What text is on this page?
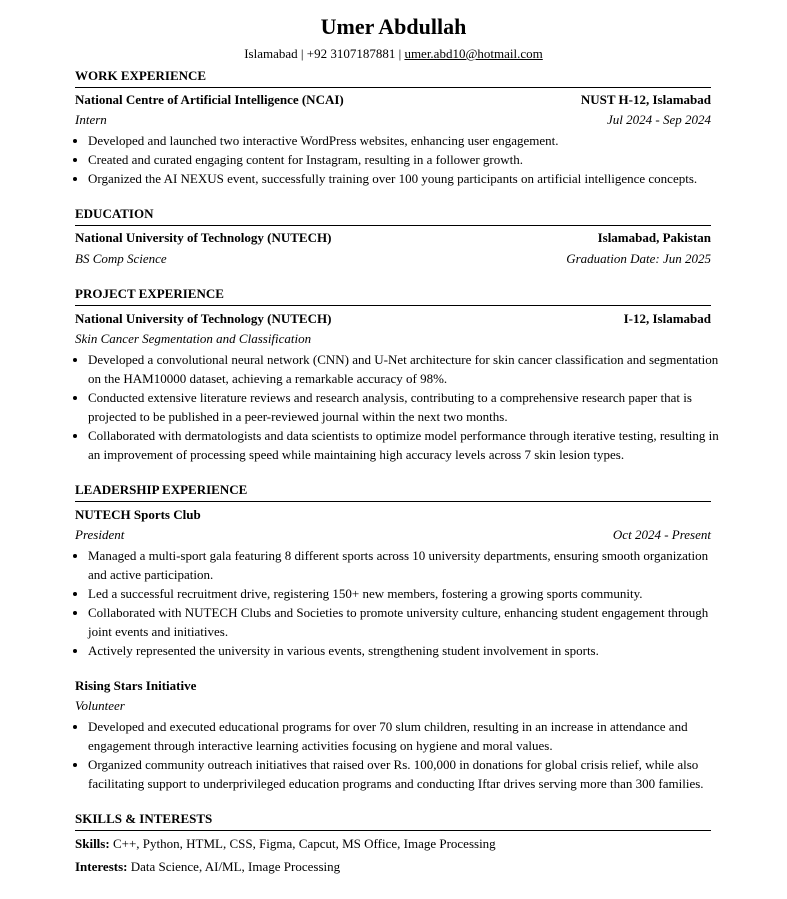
Umer Abdullah
Islamabad | +92 3107187881 | umer.abd10@hotmail.com
WORK EXPERIENCE
National Centre of Artificial Intelligence (NCAI)	NUST H-12, Islamabad
Intern	Jul 2024 - Sep 2024
• Developed and launched two interactive WordPress websites, enhancing user engagement.
• Created and curated engaging content for Instagram, resulting in a follower growth.
• Organized the AI NEXUS event, successfully training over 100 young participants on artificial intelligence concepts.
EDUCATION
National University of Technology (NUTECH)	Islamabad, Pakistan
BS Comp Science	Graduation Date: Jun 2025
PROJECT EXPERIENCE
National University of Technology (NUTECH)	I-12, Islamabad
Skin Cancer Segmentation and Classification
• Developed a convolutional neural network (CNN) and U-Net architecture for skin cancer classification and segmentation on the HAM10000 dataset, achieving a remarkable accuracy of 98%.
• Conducted extensive literature reviews and research analysis, contributing to a comprehensive research paper that is projected to be published in a peer-reviewed journal within the next two months.
• Collaborated with dermatologists and data scientists to optimize model performance through iterative testing, resulting in an improvement of processing speed while maintaining high accuracy levels across 7 skin lesion types.
LEADERSHIP EXPERIENCE
NUTECH Sports Club
President	Oct 2024 - Present
• Managed a multi-sport gala featuring 8 different sports across 10 university departments, ensuring smooth organization and active participation.
• Led a successful recruitment drive, registering 150+ new members, fostering a growing sports community.
• Collaborated with NUTECH Clubs and Societies to promote university culture, enhancing student engagement through joint events and initiatives.
• Actively represented the university in various events, strengthening student involvement in sports.
Rising Stars Initiative
Volunteer
• Developed and executed educational programs for over 70 slum children, resulting in an increase in attendance and engagement through interactive learning activities focusing on hygiene and moral values.
• Organized community outreach initiatives that raised over Rs. 100,000 in donations for global crisis relief, while also facilitating support to underprivileged education programs and conducting Iftar drives serving more than 300 families.
SKILLS & INTERESTS
Skills: C++, Python, HTML, CSS, Figma, Capcut, MS Office, Image Processing
Interests: Data Science, AI/ML, Image Processing
